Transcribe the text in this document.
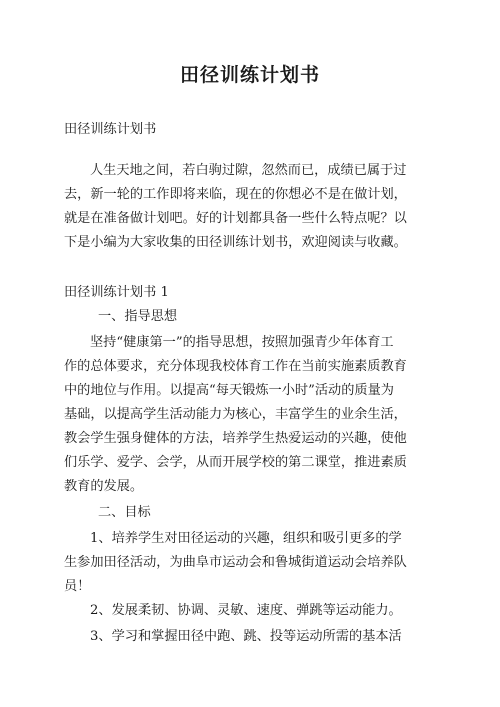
田径训练计划书
田径训练计划书
人生天地之间，若白驹过隙，忽然而已，成绩已属于过
去，新一轮的工作即将来临，现在的你想必不是在做计划，
就是在准备做计划吧。好的计划都具备一些什么特点呢？以
下是小编为大家收集的田径训练计划书，欢迎阅读与收藏。
田径训练计划书 1
一、指导思想
坚持“健康第一”的指导思想，按照加强青少年体育工
作的总体要求，充分体现我校体育工作在当前实施素质教育
中的地位与作用。以提高“每天锻炼一小时”活动的质量为
基础，以提高学生活动能力为核心，丰富学生的业余生活，
教会学生强身健体的方法，培养学生热爱运动的兴趣，使他
们乐学、爱学、会学，从而开展学校的第二课堂，推进素质
教育的发展。
二、目标
1、培养学生对田径运动的兴趣，组织和吸引更多的学
生参加田径活动，为曲阜市运动会和鲁城街道运动会培养队
员！
2、发展柔韧、协调、灵敏、速度、弹跳等运动能力。
3、学习和掌握田径中跑、跳、投等运动所需的基本活
